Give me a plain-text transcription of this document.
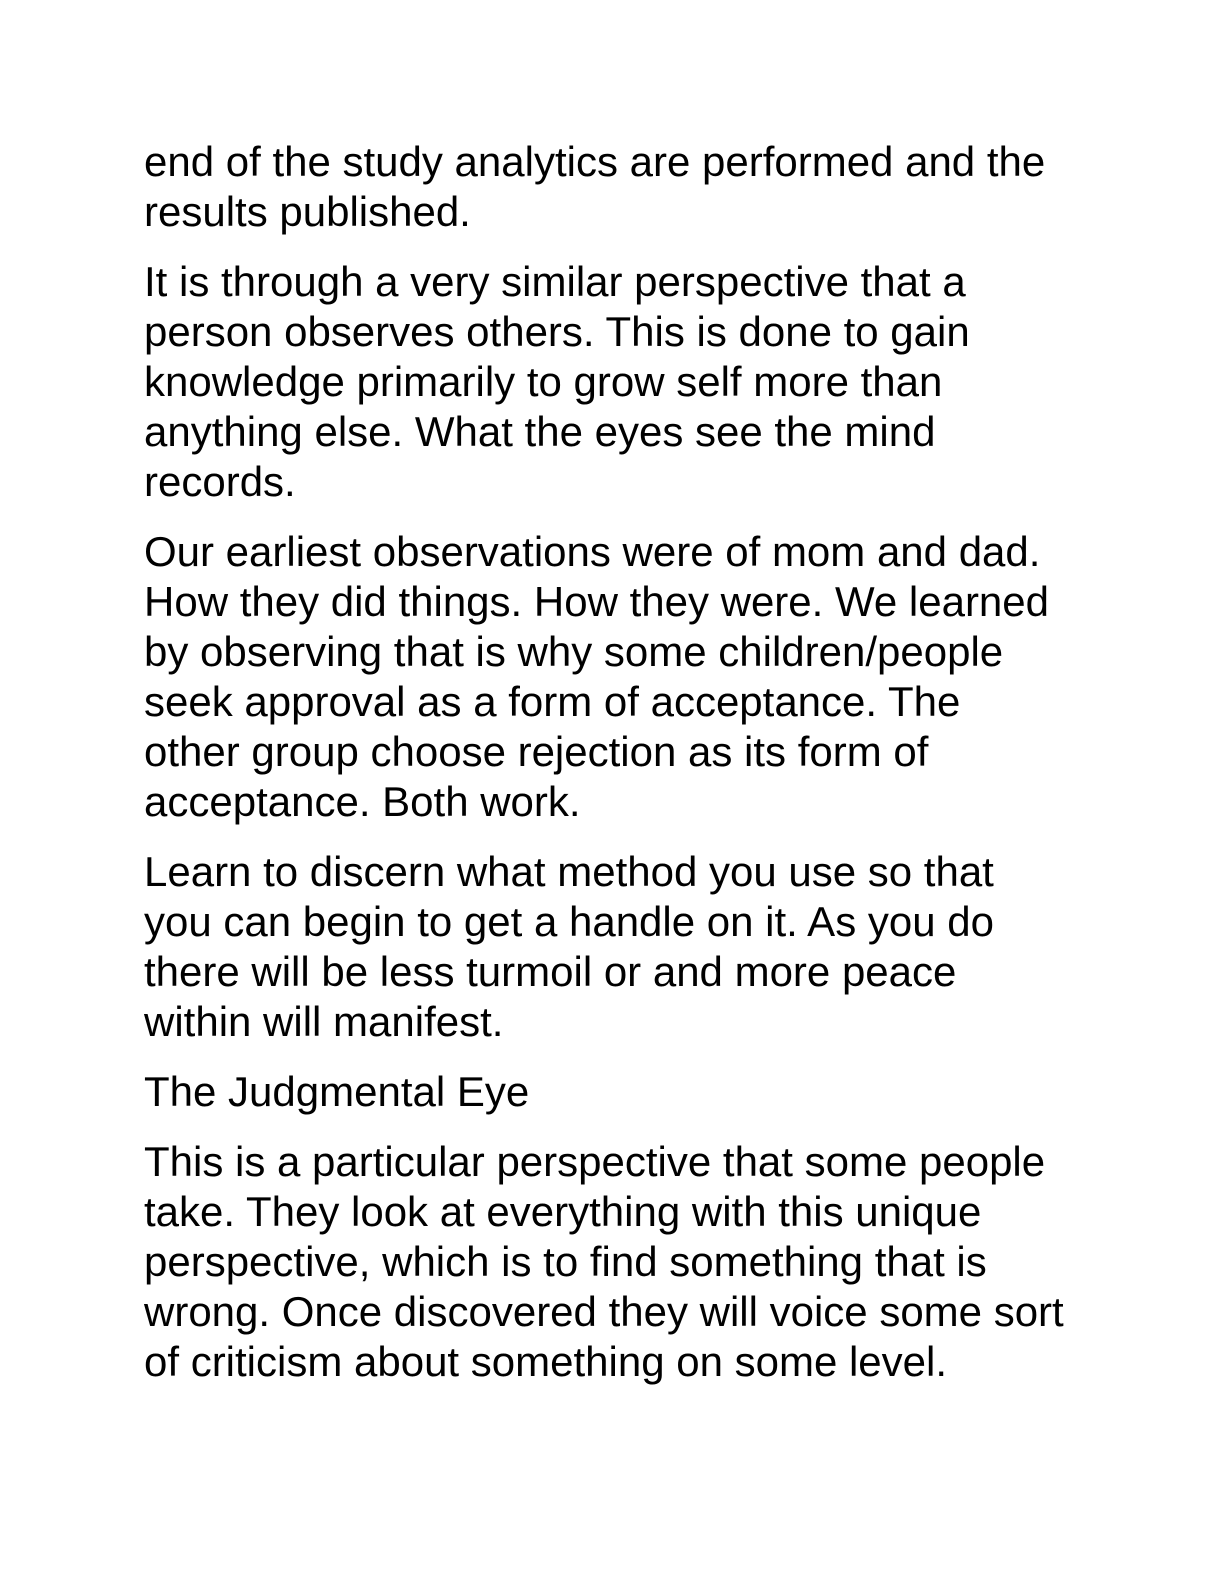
end of the study analytics are performed and the
results published.

It is through a very similar perspective that a
person observes others. This is done to gain
knowledge primarily to grow self more than
anything else. What the eyes see the mind
records.

Our earliest observations were of mom and dad.
How they did things. How they were. We learned
by observing that is why some children/people
seek approval as a form of acceptance. The
other group choose rejection as its form of
acceptance. Both work.

Learn to discern what method you use so that
you can begin to get a handle on it. As you do
there will be less turmoil or and more peace
within will manifest.

The Judgmental Eye

This is a particular perspective that some people
take. They look at everything with this unique
perspective, which is to find something that is
wrong. Once discovered they will voice some sort
of criticism about something on some level.
